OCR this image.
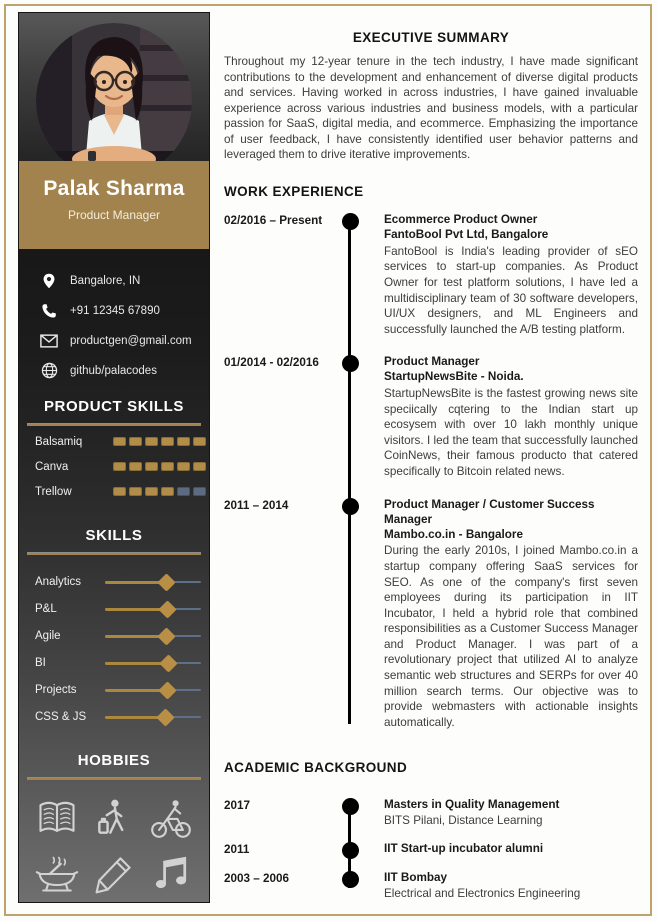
Palak Sharma
Product Manager
Bangalore, IN
+91 12345 67890
productgen@gmail.com
github/palacodes
PRODUCT SKILLS
Balsamiq
Canva
Trellow
SKILLS
Analytics
P&L
Agile
BI
Projects
CSS & JS
HOBBIES
EXECUTIVE SUMMARY

Throughout my 12-year tenure in the tech industry, I have made significant contributions to the development and enhancement of diverse digital products and services. Having worked in across industries, I have gained invaluable experience across various industries and business models, with a particular passion for SaaS, digital media, and ecommerce. Emphasizing the importance of user feedback, I have consistently identified user behavior patterns and leveraged them to drive iterative improvements.

WORK EXPERIENCE
02/2016 – Present	Ecommerce Product Owner
FantoBool Pvt Ltd, Bangalore
FantoBool is India's leading provider of sEO services to start-up companies. As Product Owner for test platform solutions, I have led a multidisciplinary team of 30 software developers, UI/UX designers, and ML Engineers and successfully launched the A/B testing platform.
01/2014 - 02/2016	Product Manager
StartupNewsBite - Noida.
StartupNewsBite is the fastest growing news site speciically cqtering to the Indian start up ecosysem with over 10 lakh monthly unique visitors. I led the team that successfully launched CoinNews, their famous producto that catered specifically to Bitcoin related news.
2011 – 2014	Product Manager / Customer Success Manager
Mambo.co.in - Bangalore
During the early 2010s, I joined Mambo.co.in a startup company offering SaaS services for SEO. As one of the company's first seven employees during its participation in IIT Incubator, I held a hybrid role that combined responsibilities as a Customer Success Manager and Product Manager. I was part of a revolutionary project that utilized AI to analyze semantic web structures and SERPs for over 40 million search terms. Our objective was to provide webmasters with actionable insights automatically.
ACADEMIC BACKGROUND
2017	Masters in Quality Management
BITS Pilani, Distance Learning
2011	IIT Start-up incubator alumni
2003 – 2006	IIT Bombay
Electrical and Electronics Engineering
